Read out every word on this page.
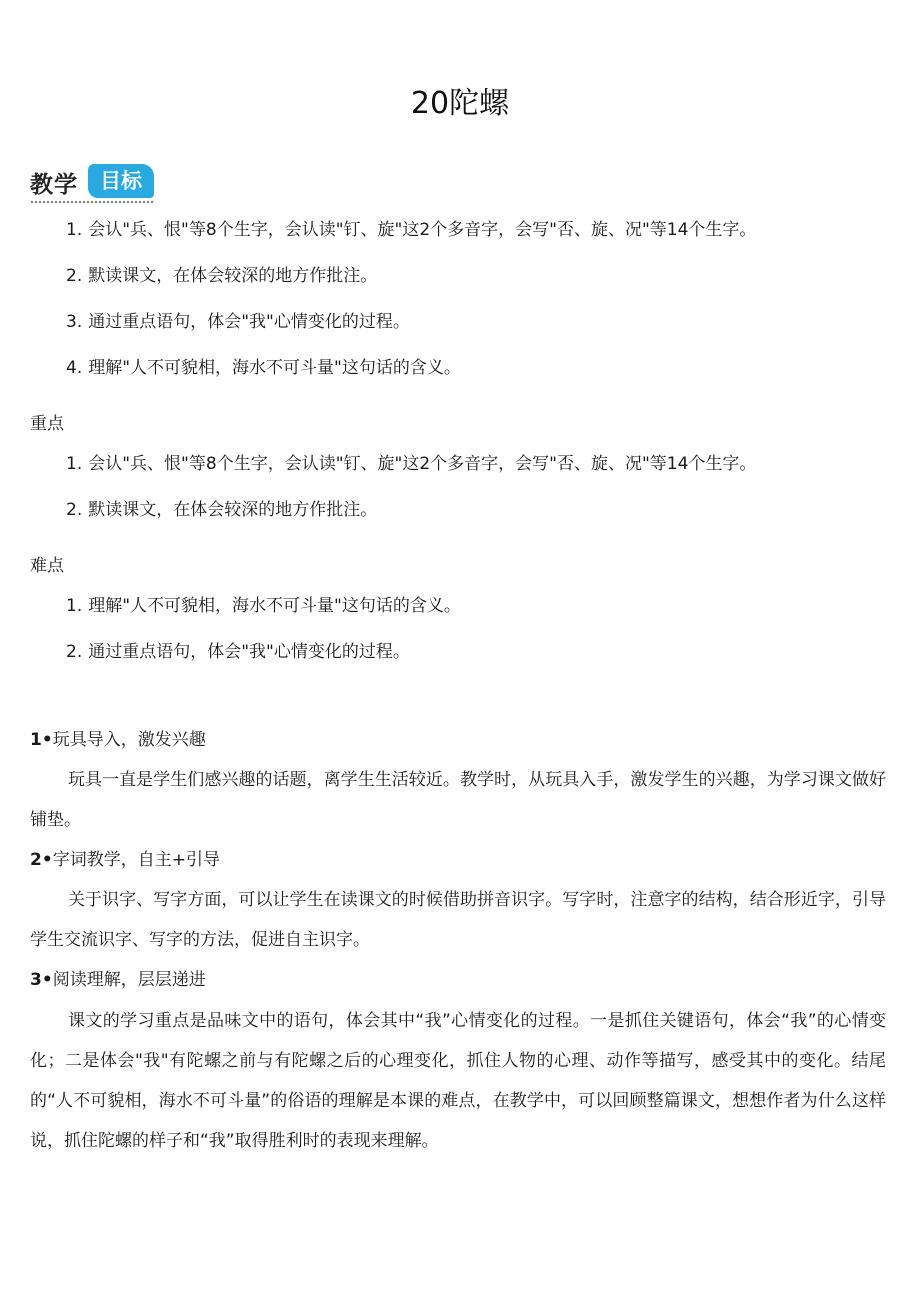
20陀螺
教学	目标
1. 会认"兵、恨"等8个生字，会认读"钉、旋"这2个多音字，会写"否、旋、况"等14个生字。
2. 默读课文，在体会较深的地方作批注。
3. 通过重点语句，体会"我"心情变化的过程。
4. 理解"人不可貌相，海水不可斗量"这句话的含义。
重点
1. 会认"兵、恨"等8个生字，会认读"钉、旋"这2个多音字，会写"否、旋、况"等14个生字。
2. 默读课文，在体会较深的地方作批注。
难点
1. 理解"人不可貌相，海水不可斗量"这句话的含义。
2. 通过重点语句，体会"我"心情变化的过程。
1•玩具导入，激发兴趣
玩具一直是学生们感兴趣的话题，离学生生活较近。教学时，从玩具入手，激发学生的兴趣，为学习课文做好铺垫。
2•字词教学，自主+引导
关于识字、写字方面，可以让学生在读课文的时候借助拼音识字。写字时，注意字的结构，结合形近字，引导学生交流识字、写字的方法，促进自主识字。
3•阅读理解，层层递进
课文的学习重点是品味文中的语句，体会其中“我”心情变化的过程。一是抓住关键语句，体会“我”的心情变化；二是体会"我"有陀螺之前与有陀螺之后的心理变化，抓住人物的心理、动作等描写，感受其中的变化。结尾的“人不可貌相，海水不可斗量”的俗语的理解是本课的难点，在教学中，可以回顾整篇课文，想想作者为什么这样说，抓住陀螺的样子和“我”取得胜利时的表现来理解。
